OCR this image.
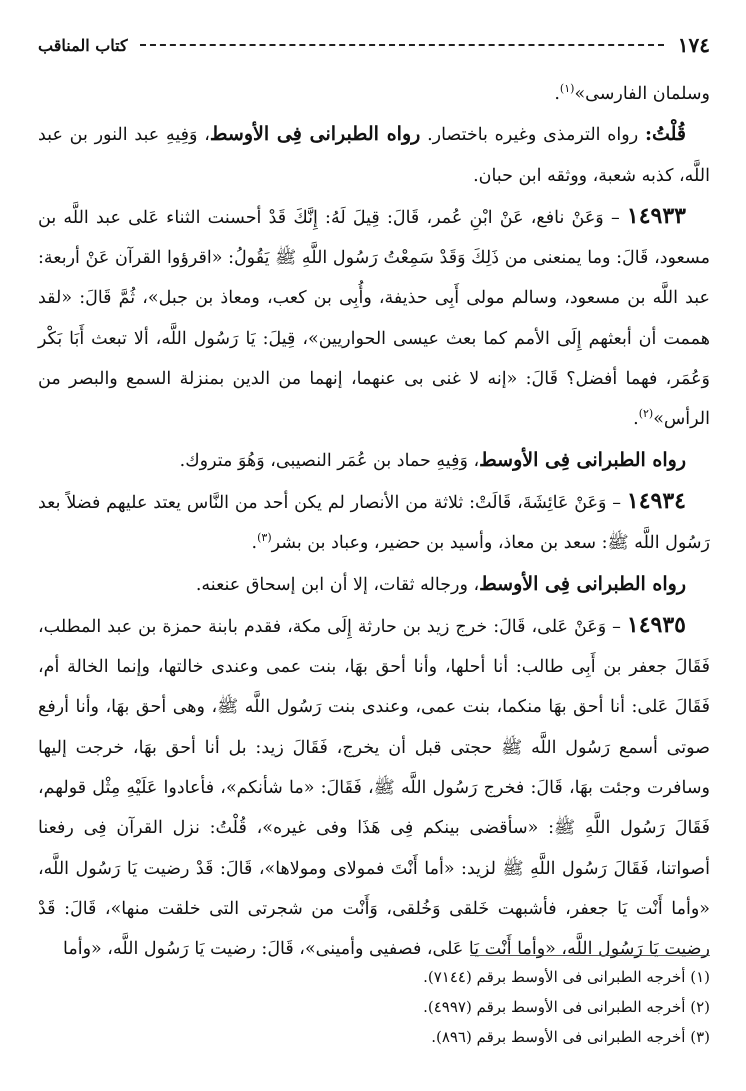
١٧٤
كتاب المناقب

وسلمان الفارسى»$^{(١)}$.

قُلْتُ: رواه الترمذى وغيره باختصار. رواه الطبرانى فِى الأوسط، وَفِيهِ عبد النور بن عبد اللَّه، كذبه شعبة، ووثقه ابن حبان.

١٤٩٣٣ – وَعَنْ نافع، عَنْ ابْنِ عُمر، قَالَ: قِيلَ لَهُ: إِنَّكَ قَدْ أحسنت الثناء عَلى عبد اللَّه بن مسعود، قَالَ: وما يمنعنى من ذَلِكَ وَقَدْ سَمِعْتُ رَسُول اللَّهِ ﷺ يَقُولُ: «اقرؤوا القرآن عَنْ أربعة: عبد اللَّه بن مسعود، وسالم مولى أَبِى حذيفة، وأُبِى بن كعب، ومعاذ بن جبل»، ثُمَّ قَالَ: «لقد هممت أن أبعثهم إِلَى الأمم كما بعث عيسى الحواريين»، قِيلَ: يَا رَسُول اللَّه، ألا تبعث أَبَا بَكْر وَعُمَر، فهما أفضل؟ قَالَ: «إنه لا غنى بى عنهما، إنهما من الدين بمنزلة السمع والبصر من الرأس»$^{(٢)}$.

رواه الطبرانى فِى الأوسط، وَفِيهِ حماد بن عُمَر النصيبى، وَهُوَ متروك.

١٤٩٣٤ – وَعَنْ عَائِشَةَ، قَالَتْ: ثلاثة من الأنصار لم يكن أحد من النَّاس يعتد عليهم فضلاً بعد رَسُول اللَّه ﷺ: سعد بن معاذ، وأسيد بن حضير، وعباد بن بشر$^{(٣)}$.

رواه الطبرانى فِى الأوسط، ورجاله ثقات، إلا أن ابن إسحاق عنعنه.

١٤٩٣٥ – وَعَنْ عَلى، قَالَ: خرج زيد بن حارثة إِلَى مكة، فقدم بابنة حمزة بن عبد المطلب، فَقَالَ جعفر بن أَبِى طالب: أنا أحلها، وأنا أحق بهَا، بنت عمى وعندى خالتها، وإنما الخالة أم، فَقَالَ عَلى: أنا أحق بهَا منكما، بنت عمى، وعندى بنت رَسُول اللَّه ﷺ، وهى أحق بهَا، وأنا أرفع صوتى أسمع رَسُول اللَّه ﷺ حجتى قبل أن يخرج، فَقَالَ زيد: بل أنا أحق بهَا، خرجت إليها وسافرت وجئت بهَا، قَالَ: فخرج رَسُول اللَّه ﷺ، فَقَالَ: «ما شأنكم»، فأعادوا عَلَيْهِ مِثْل قولهم، فَقَالَ رَسُول اللَّهِ ﷺ: «سأقضى بينكم فِى هَذَا وفى غيره»، قُلْتُ: نزل القرآن فِى رفعنا أصواتنا، فَقَالَ رَسُول اللَّهِ ﷺ لزيد: «أما أَنْتَ فمولاى ومولاها»، قَالَ: قَدْ رضيت يَا رَسُول اللَّه، «وأما أَنْت يَا جعفر، فأشبهت خَلقى وَخُلقى، وَأَنْت من شجرتى التى خلقت منها»، قَالَ: قَدْ رضيت يَا رَسُول اللَّه، «وأما أَنْت يَا عَلى، فصفيى وأمينى»، قَالَ: رضيت يَا رَسُول اللَّه، «وأما

(١) أخرجه الطبرانى فى الأوسط برقم (٧١٤٤).

(٢) أخرجه الطبرانى فى الأوسط برقم (٤٩٩٧).

(٣) أخرجه الطبرانى فى الأوسط برقم (٨٩٦).
